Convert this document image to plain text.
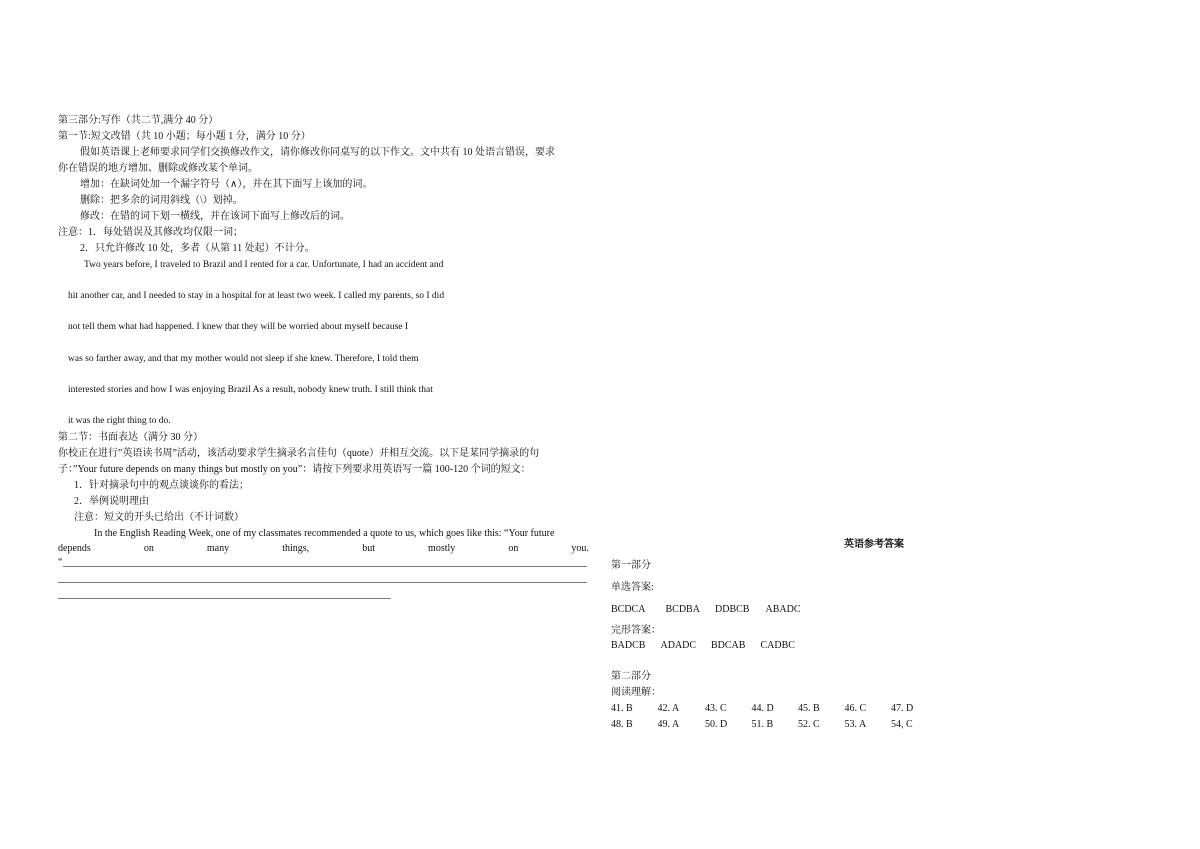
第三部分:写作（共二节,满分 40 分）
第一节:短文改错（共 10 小题；每小题 1 分，满分 10 分）
假如英语课上老师要求同学们交换修改作文，请你修改你同桌写的以下作文。文中共有 10 处语言错误，要求
你在错误的地方增加、删除或修改某个单词。
增加：在缺词处加一个漏字符号（∧），并在其下面写上该加的词。
删除：把多余的词用斜线（\）划掉。
修改：在错的词下划一横线，并在该词下面写上修改后的词。
注意：1．每处错误及其修改均仅限一词；
2．只允许修改 10 处，多者（从第 11 处起）不计分。
Two years before, I traveled to Brazil and I rented for a car. Unfortunate, I had an accident and
hit another car, and I needed to stay in a hospital for at least two week. I called my parents, so I did
not tell them what had happened. I knew that they will be worried about myself because I
was so farther away, and that my mother would not sleep if she knew. Therefore, I told them
interested stories and how I was enjoying Brazil As a result, nobody knew truth. I still think that
it was the right thing to do.
第二节：书面表达（满分 30 分）
你校正在进行”英语读书周”活动，该活动要求学生摘录名言佳句（quote）并相互交流。以下是某同学摘录的句
子：”Your future depends on many things but mostly on you”：请按下列要求用英语写一篇 100-120 个词的短文：
1．针对摘录句中的观点谈谈你的看法；
2．举例说明理由
注意：短文的开头已给出（不计词数）
In the English Reading Week, one of my classmates recommended a quote to us, which goes like this: “Your future
depends	on	many	things,	but	mostly	on	you.
“
英语参考答案
第一部分
单选答案:
BCDCA BCDBA DDBCB ABADC
完形答案：
BADCB ADADC BDCAB CADBC
第二部分
阅读理解：
41. B 42. A	43. C 44. D 45. B 46. C 47. D
48. B 49. A	50. D 51. B 52. C 53. A 54, C
